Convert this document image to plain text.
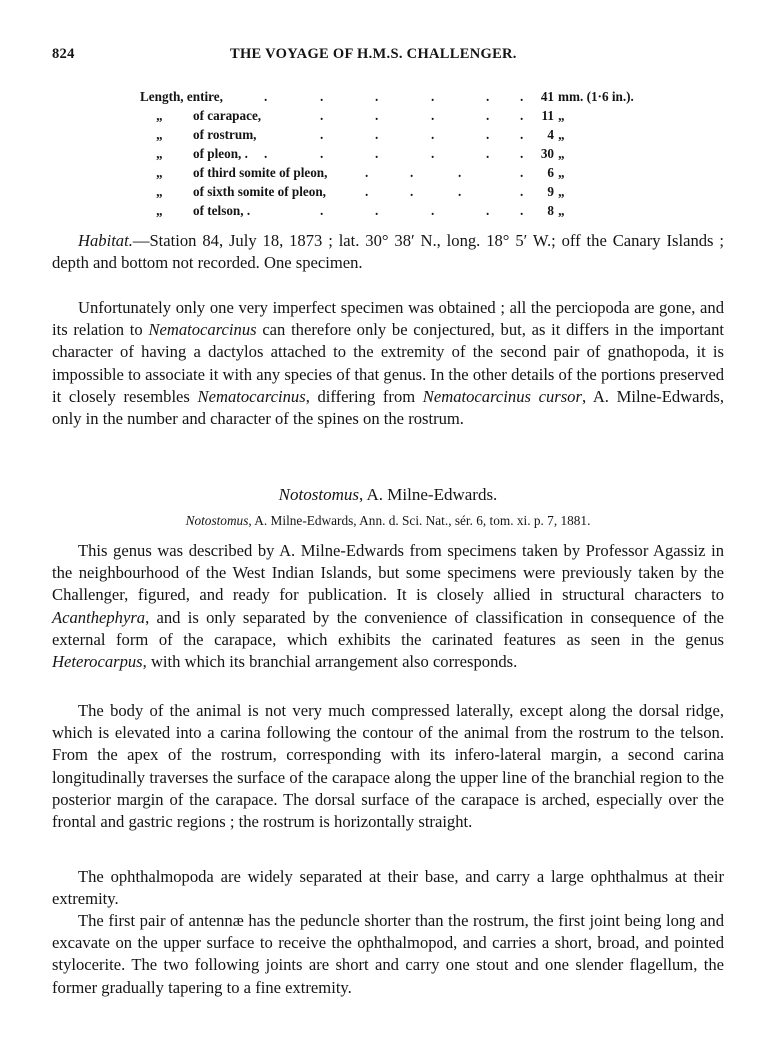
824	THE VOYAGE OF H.M.S. CHALLENGER.
Length, entire,	.	.	.	.	. .	41 mm. (1·6 in.).
„ of carapace,	.	.	.	. .	11 „
„ of rostrum,	.	.	.	. .	4 „
„ of pleon, . .	.	.	.	. .	30 „
„ of third somite of pleon,	.	.	.	.	6 „
„ of sixth somite of pleon,	.	.	.	.	9 „
„ of telson, .	.	.	.	. .	8 „

Habitat.—Station 84, July 18, 1873 ; lat. 30° 38′ N., long. 18° 5′ W.; off the Canary Islands ; depth and bottom not recorded. One specimen.

Unfortunately only one very imperfect specimen was obtained ; all the perciopoda are gone, and its relation to Nematocarcinus can therefore only be conjectured, but, as it differs in the important character of having a dactylos attached to the extremity of the second pair of gnathopoda, it is impossible to associate it with any species of that genus. In the other details of the portions preserved it closely resembles Nematocarcinus, differing from Nematocarcinus cursor, A. Milne-Edwards, only in the number and character of the spines on the rostrum.

Notostomus, A. Milne-Edwards.
Notostomus, A. Milne-Edwards, Ann. d. Sci. Nat., sér. 6, tom. xi. p. 7, 1881.

This genus was described by A. Milne-Edwards from specimens taken by Professor Agassiz in the neighbourhood of the West Indian Islands, but some specimens were previously taken by the Challenger, figured, and ready for publication. It is closely allied in structural characters to Acanthephyra, and is only separated by the convenience of classification in consequence of the external form of the carapace, which exhibits the carinated features as seen in the genus Heterocarpus, with which its branchial arrangement also corresponds.

The body of the animal is not very much compressed laterally, except along the dorsal ridge, which is elevated into a carina following the contour of the animal from the rostrum to the telson. From the apex of the rostrum, corresponding with its infero-lateral margin, a second carina longitudinally traverses the surface of the carapace along the upper line of the branchial region to the posterior margin of the carapace. The dorsal surface of the carapace is arched, especially over the frontal and gastric regions ; the rostrum is horizontally straight.

The ophthalmopoda are widely separated at their base, and carry a large ophthalmus at their extremity.

The first pair of antennæ has the peduncle shorter than the rostrum, the first joint being long and excavate on the upper surface to receive the ophthalmopod, and carries a short, broad, and pointed stylocerite. The two following joints are short and carry one stout and one slender flagellum, the former gradually tapering to a fine extremity.
